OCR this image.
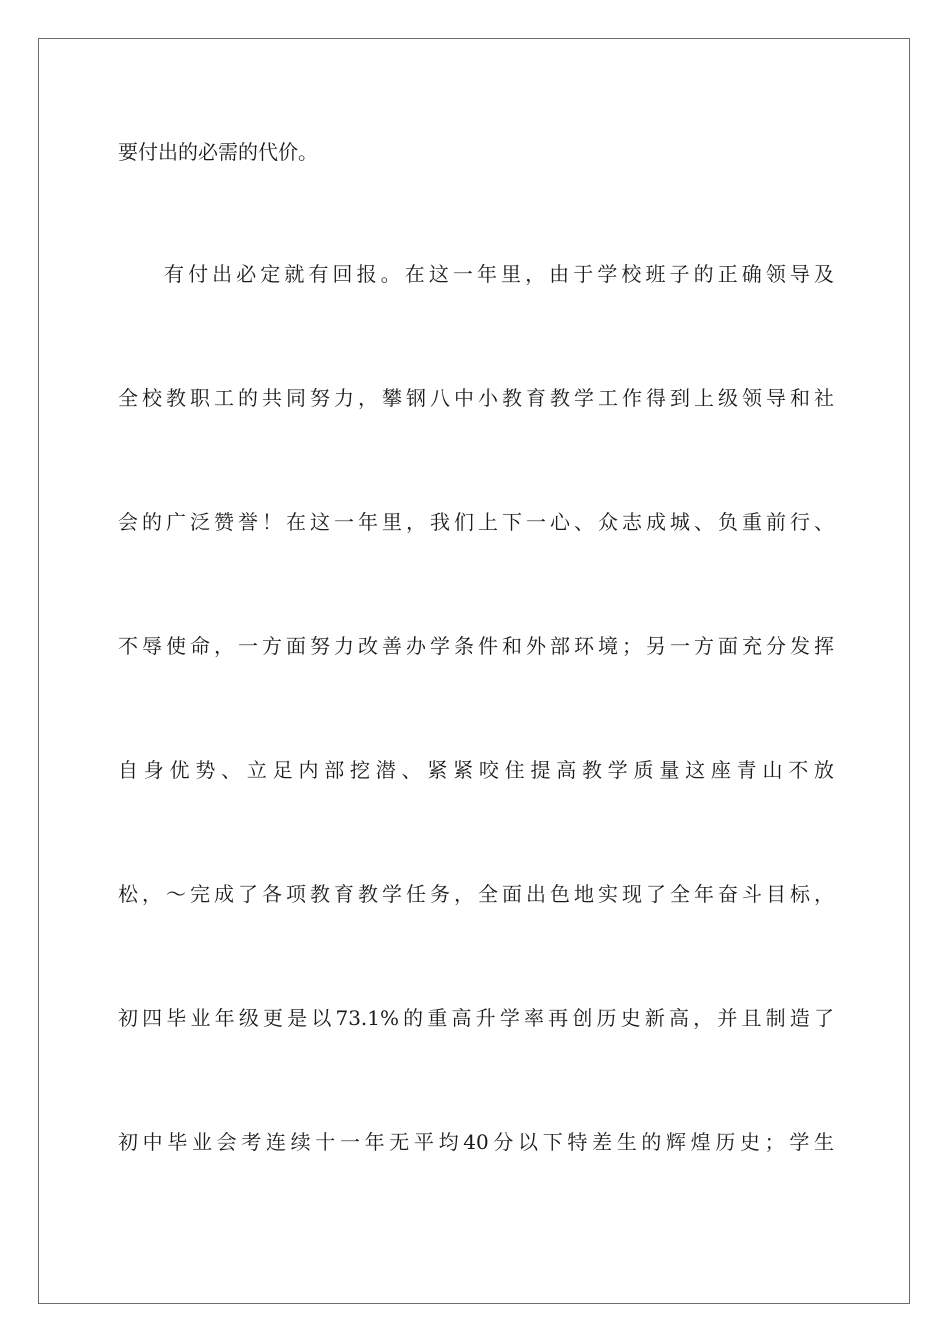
要付出的必需的代价。
有付出必定就有回报。在这一年里，由于学校班子的正确领导及
全校教职工的共同努力，攀钢八中小教育教学工作得到上级领导和社
会的广泛赞誉！在这一年里，我们上下一心、众志成城、负重前行、
不辱使命，一方面努力改善办学条件和外部环境；另一方面充分发挥
自身优势、立足内部挖潜、紧紧咬住提高教学质量这座青山不放
松，～完成了各项教育教学任务，全面出色地实现了全年奋斗目标，
初四毕业年级更是以73.1%的重高升学率再创历史新高，并且制造了
初中毕业会考连续十一年无平均40分以下特差生的辉煌历史；学生
